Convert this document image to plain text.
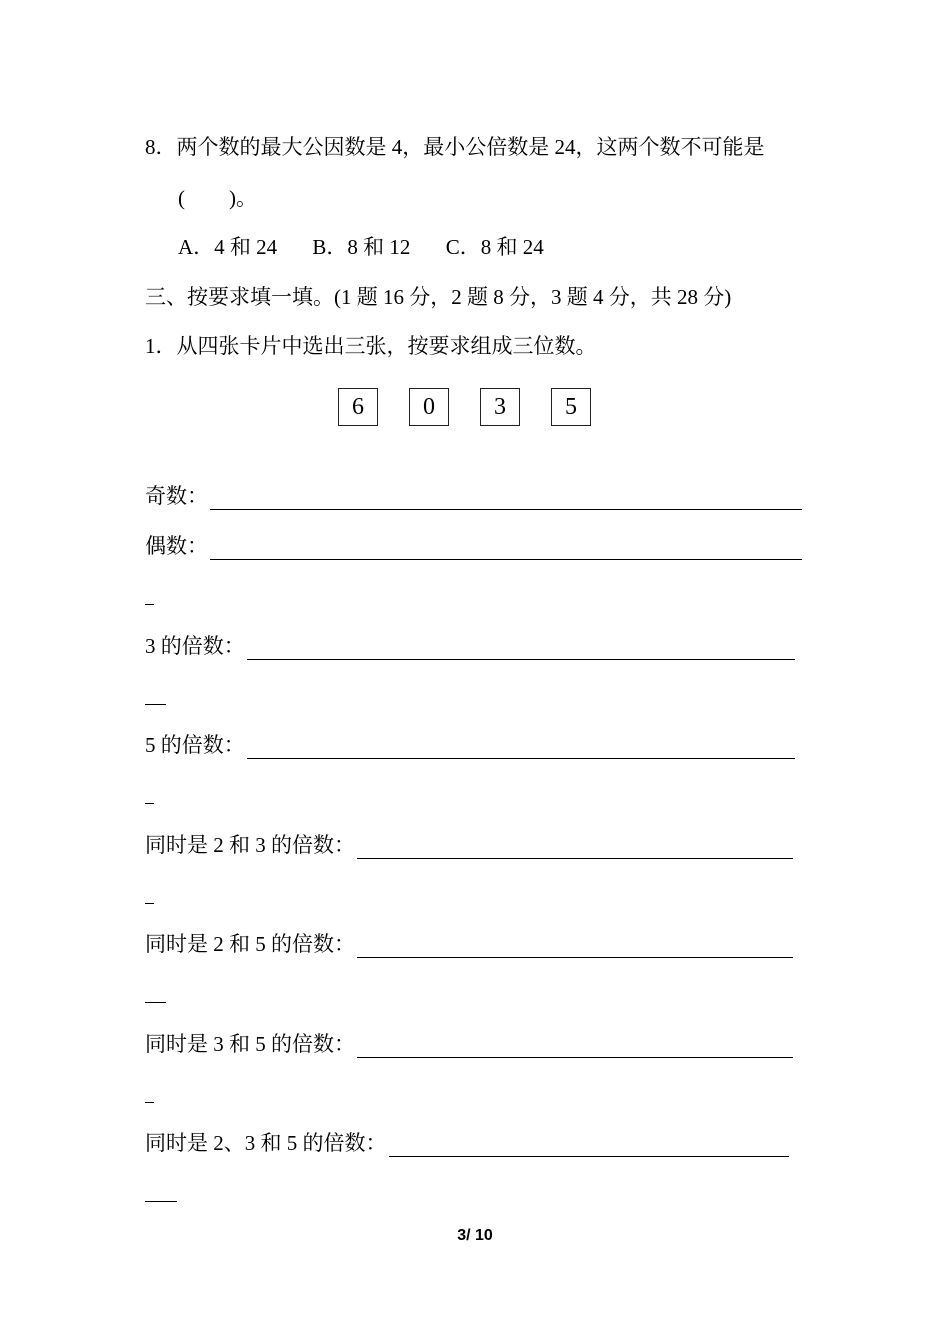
8．两个数的最大公因数是 4，最小公倍数是 24，这两个数不可能是
( )。
A．4 和 24 B．8 和 12 C．8 和 24
三、按要求填一填。(1 题 16 分，2 题 8 分，3 题 4 分，共 28 分)
1．从四张卡片中选出三张，按要求组成三位数。
6	0	3	5
奇数：
偶数：
3 的倍数：
5 的倍数：
同时是 2 和 3 的倍数：
同时是 2 和 5 的倍数：
同时是 3 和 5 的倍数：
同时是 2、3 和 5 的倍数：
3/ 10
